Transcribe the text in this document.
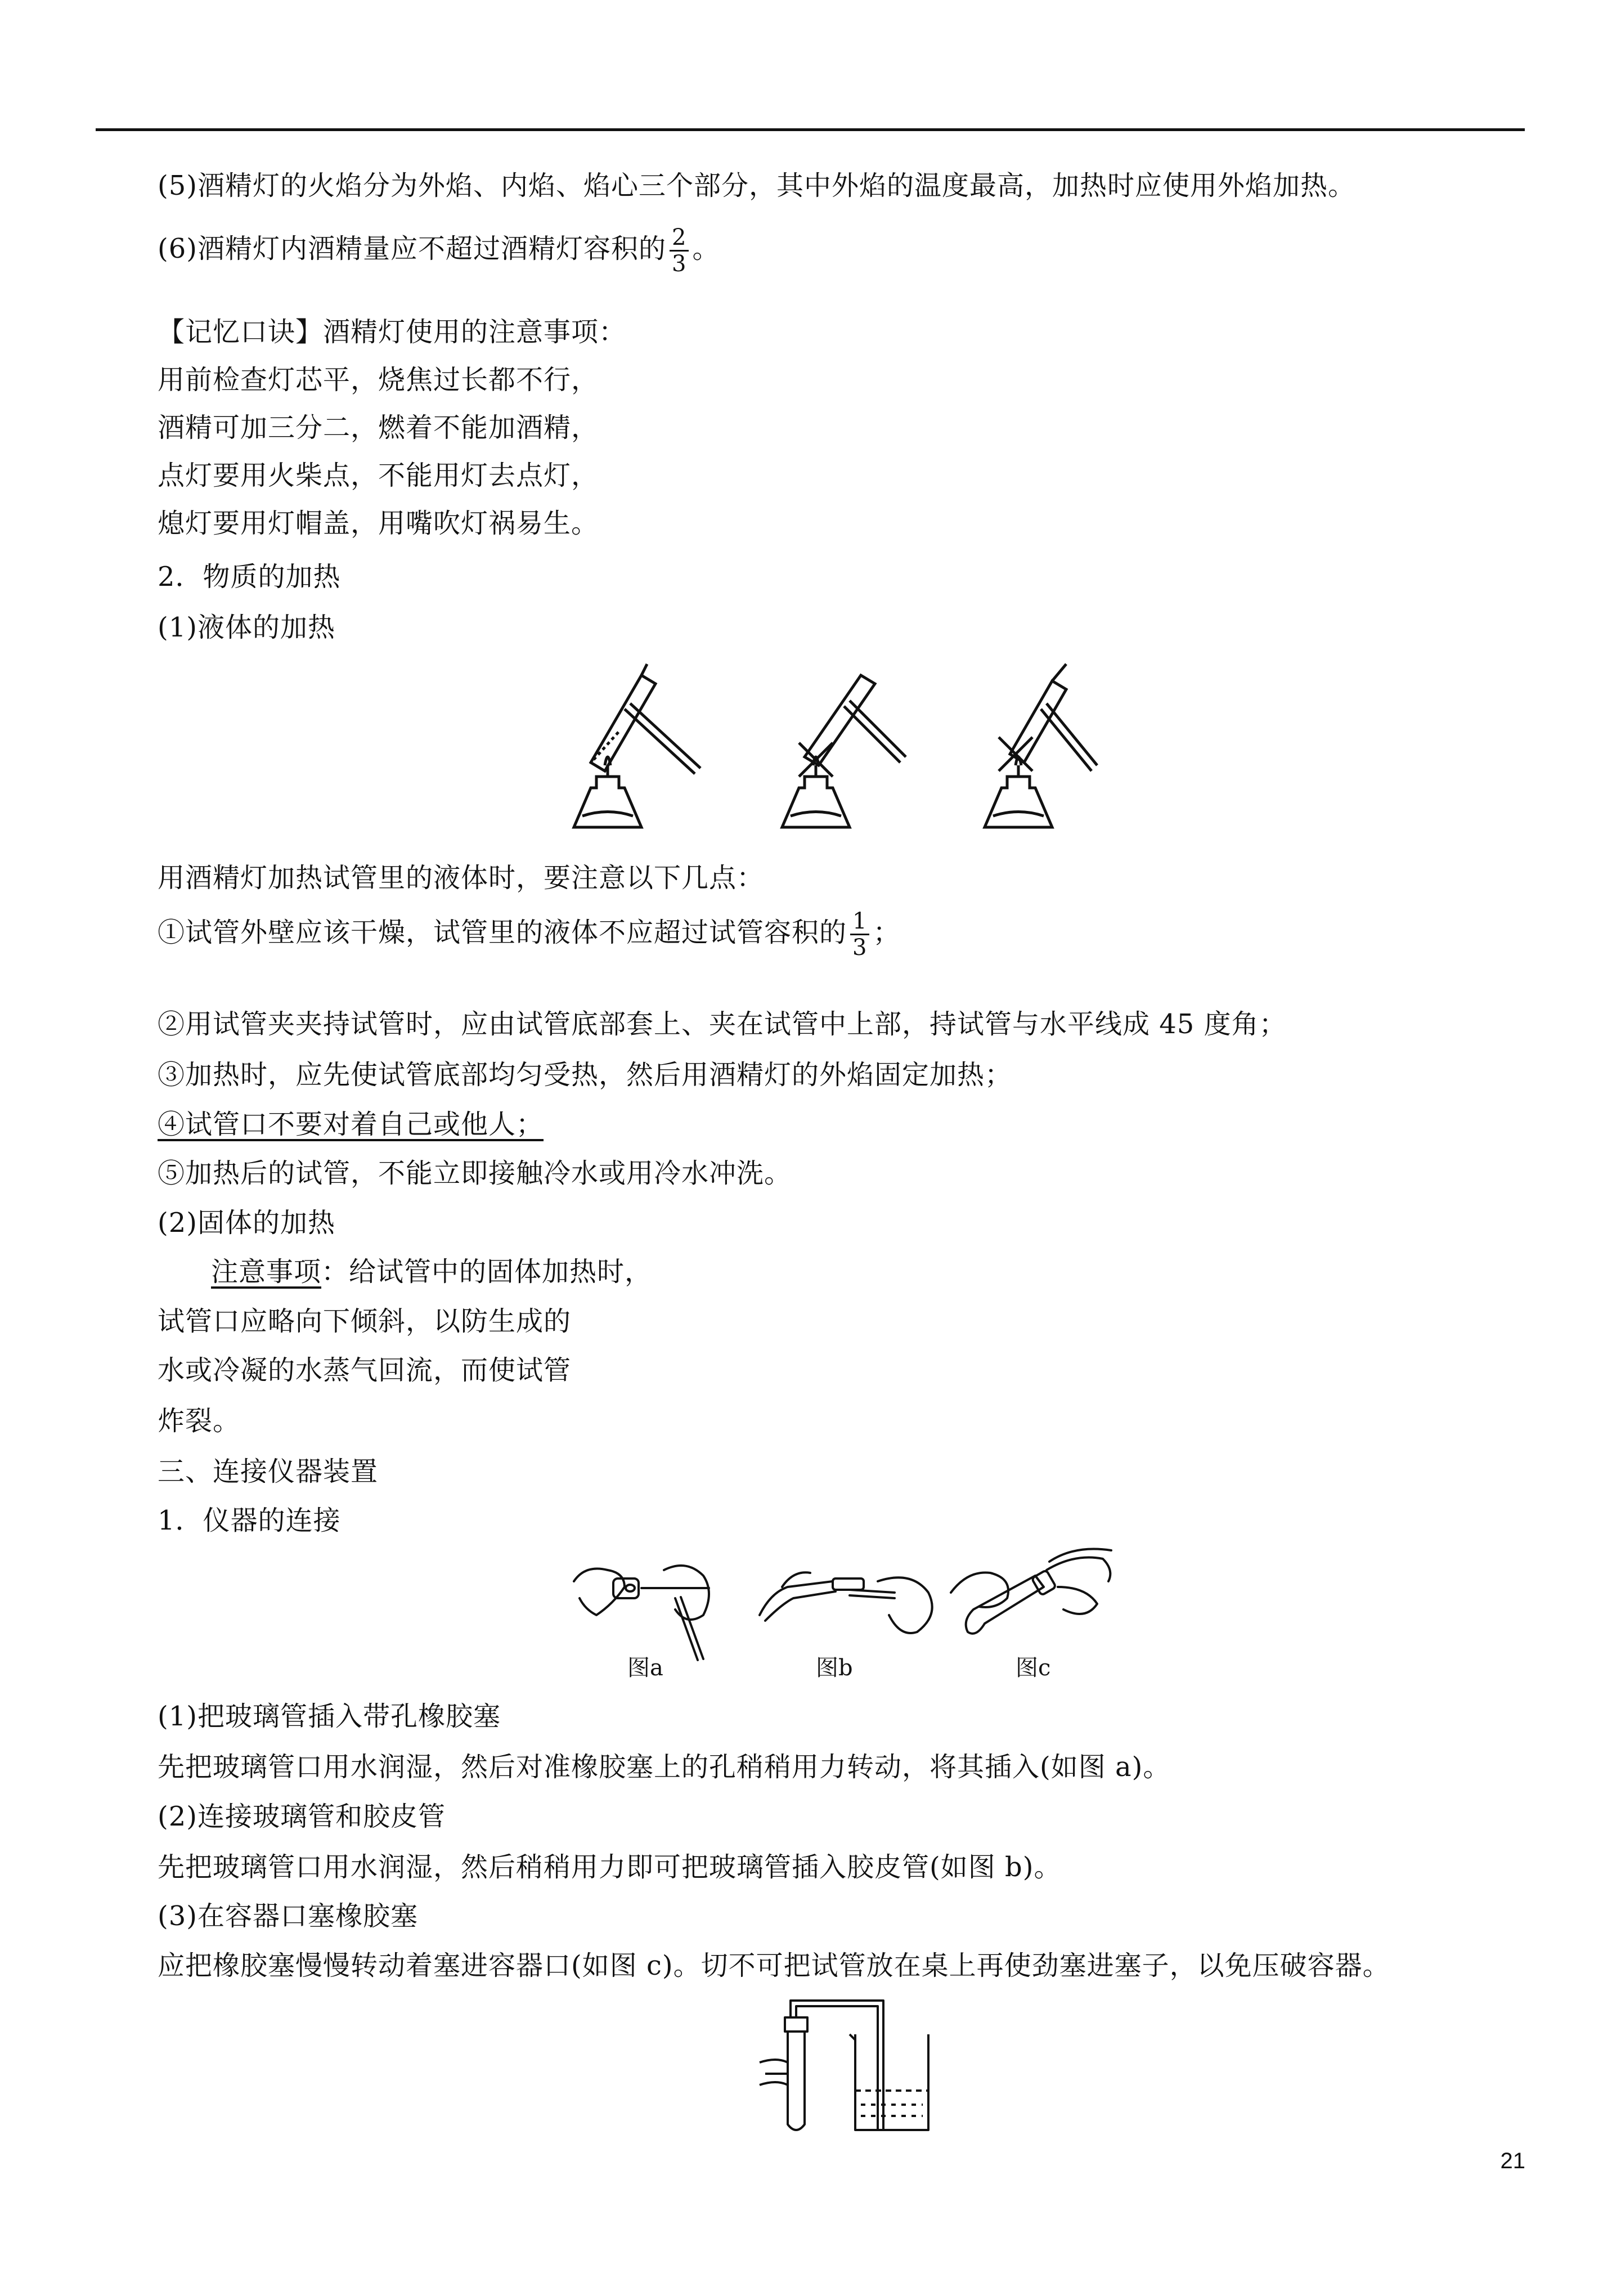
(5)酒精灯的火焰分为外焰、内焰、焰心三个部分，其中外焰的温度最高，加热时应使用外焰加热。
(6)酒精灯内酒精量应不超过酒精灯容积的 $\frac{2}{3}$ 。
【记忆口诀】酒精灯使用的注意事项：
用前检查灯芯平，烧焦过长都不行，
酒精可加三分二，燃着不能加酒精，
点灯要用火柴点，不能用灯去点灯，
熄灯要用灯帽盖，用嘴吹灯祸易生。
2．物质的加热
(1)液体的加热
用酒精灯加热试管里的液体时，要注意以下几点：
①试管外壁应该干燥，试管里的液体不应超过试管容积的 $\frac{1}{3}$ ；
②用试管夹夹持试管时，应由试管底部套上、夹在试管中上部，持试管与水平线成 45 度角；
③加热时，应先使试管底部均匀受热，然后用酒精灯的外焰固定加热；
④试管口不要对着自己或他人；
⑤加热后的试管，不能立即接触冷水或用冷水冲洗。
(2)固体的加热
注意事项：给试管中的固体加热时，
试管口应略向下倾斜，以防生成的
水或冷凝的水蒸气回流，而使试管
炸裂。
三、连接仪器装置
1．仪器的连接
图a	图b	图c
(1)把玻璃管插入带孔橡胶塞
先把玻璃管口用水润湿，然后对准橡胶塞上的孔稍稍用力转动，将其插入(如图 a)。
(2)连接玻璃管和胶皮管
先把玻璃管口用水润湿，然后稍稍用力即可把玻璃管插入胶皮管(如图 b)。
(3)在容器口塞橡胶塞
应把橡胶塞慢慢转动着塞进容器口(如图 c)。切不可把试管放在桌上再使劲塞进塞子，以免压破容器。
21
